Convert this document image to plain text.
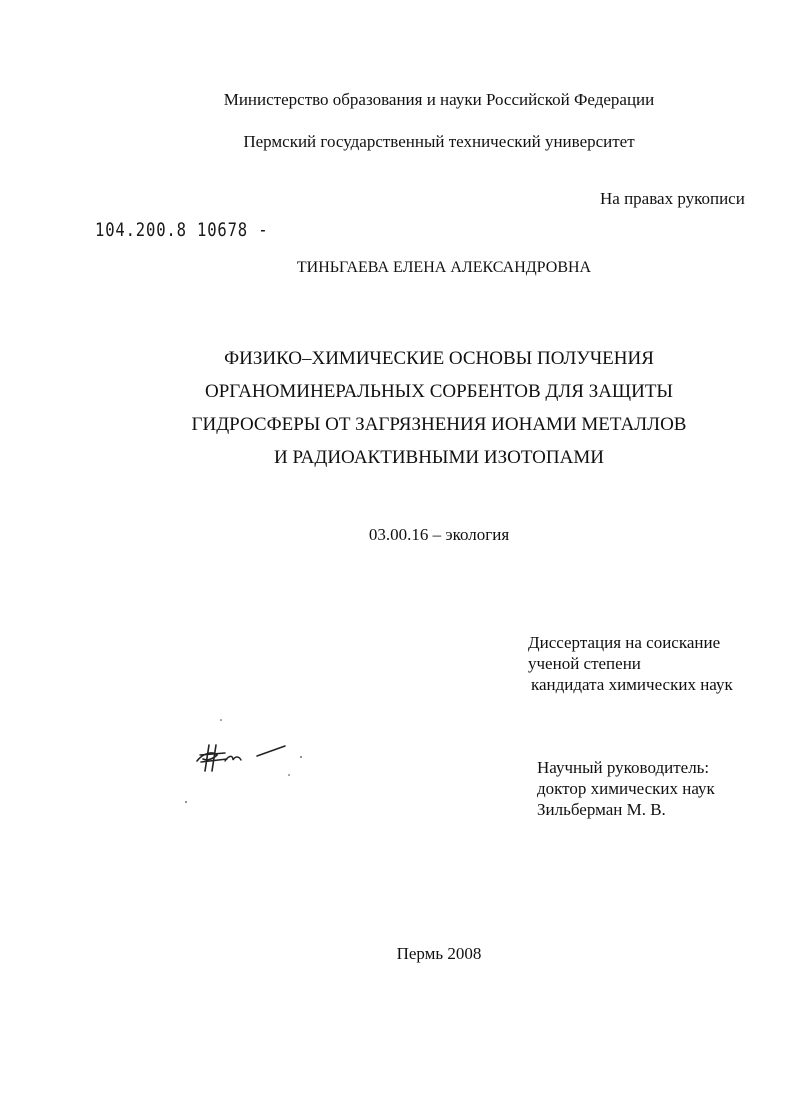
Министерство образования и науки Российской Федерации
Пермский государственный технический университет
На правах рукописи
104.200.8 10678 -
ТИНЬГАЕВА ЕЛЕНА АЛЕКСАНДРОВНА
ФИЗИКО–ХИМИЧЕСКИЕ ОСНОВЫ ПОЛУЧЕНИЯ
ОРГАНОМИНЕРАЛЬНЫХ СОРБЕНТОВ ДЛЯ ЗАЩИТЫ
ГИДРОСФЕРЫ ОТ ЗАГРЯЗНЕНИЯ ИОНАМИ МЕТАЛЛОВ
И РАДИОАКТИВНЫМИ ИЗОТОПАМИ
03.00.16 – экология
Диссертация на соискание
ученой степени
кандидата химических наук
Научный руководитель:
доктор химических наук
Зильберман М. В.
Пермь 2008
